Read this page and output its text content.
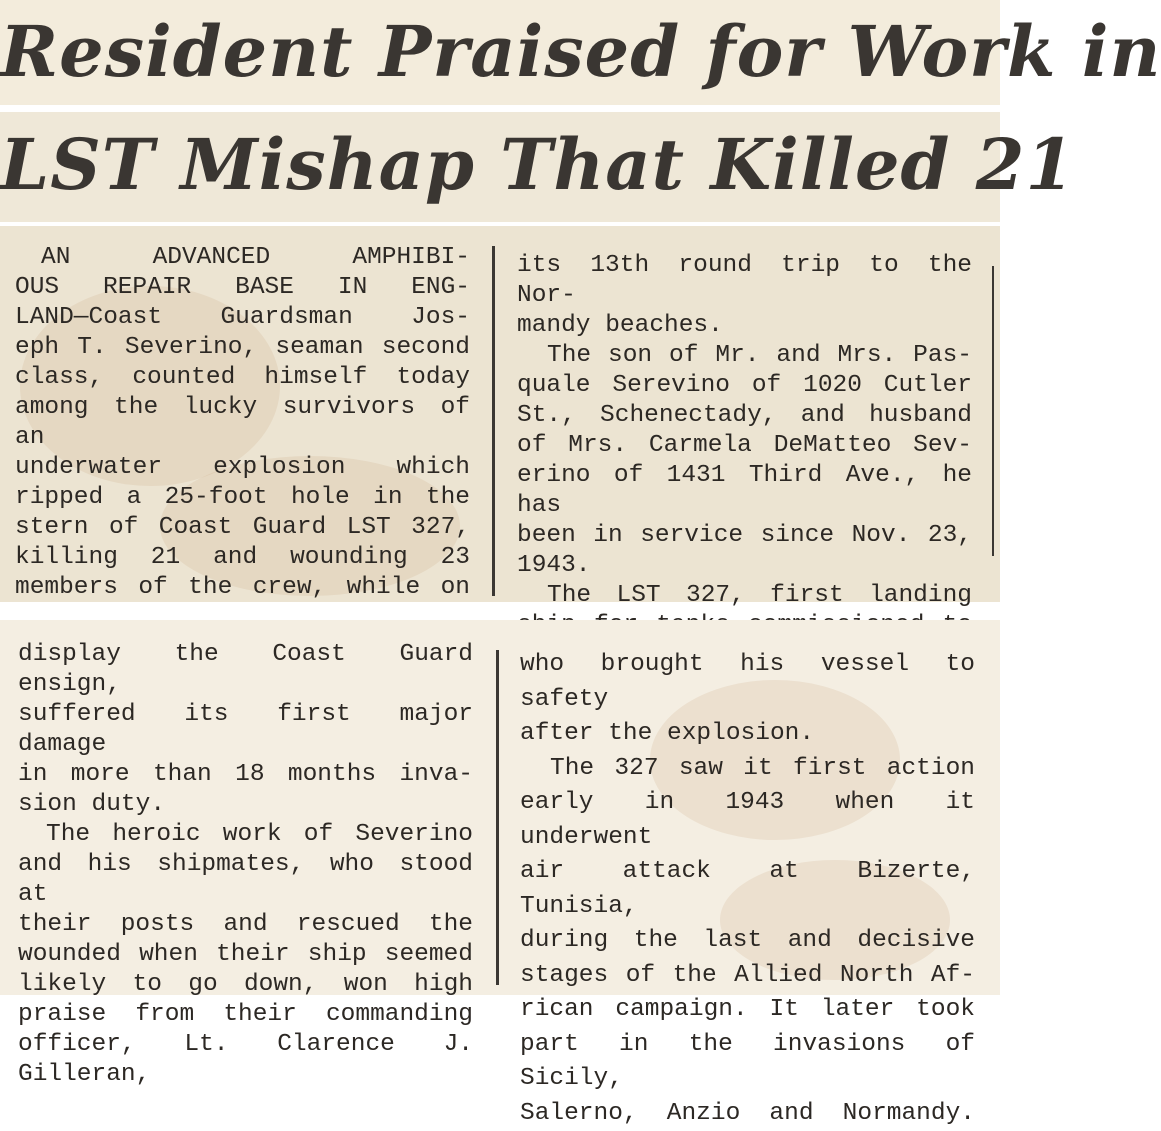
Resident Praised for Work in
LST Mishap That Killed 21

AN ADVANCED AMPHIBI-

OUS REPAIR BASE IN ENG-

LAND—Coast Guardsman Jos-

eph T. Severino, seaman second

class, counted himself today

among the lucky survivors of an

underwater explosion which

ripped a 25-foot hole in the

stern of Coast Guard LST 327,

killing 21 and wounding 23

members of the crew, while on

its 13th round trip to the Nor-

mandy beaches.

The son of Mr. and Mrs. Pas-

quale Serevino of 1020 Cutler

St., Schenectady, and husband

of Mrs. Carmela DeMatteo Sev-

erino of 1431 Third Ave., he has

been in service since Nov. 23,

1943.

The LST 327, first landing

display the Coast Guard ensign,

suffered its first major damage

in more than 18 months inva-

sion duty.

The heroic work of Severino

and his shipmates, who stood at

their posts and rescued the

wounded when their ship seemed

likely to go down, won high

praise from their commanding

officer, Lt. Clarence J. Gilleran,

who brought his vessel to safety

after the explosion.

The 327 saw it first action

early in 1943 when it underwent

air attack at Bizerte, Tunisia,

during the last and decisive

stages of the Allied North Af-

rican campaign. It later took

part in the invasions of Sicily,

Salerno, Anzio and Normandy.
